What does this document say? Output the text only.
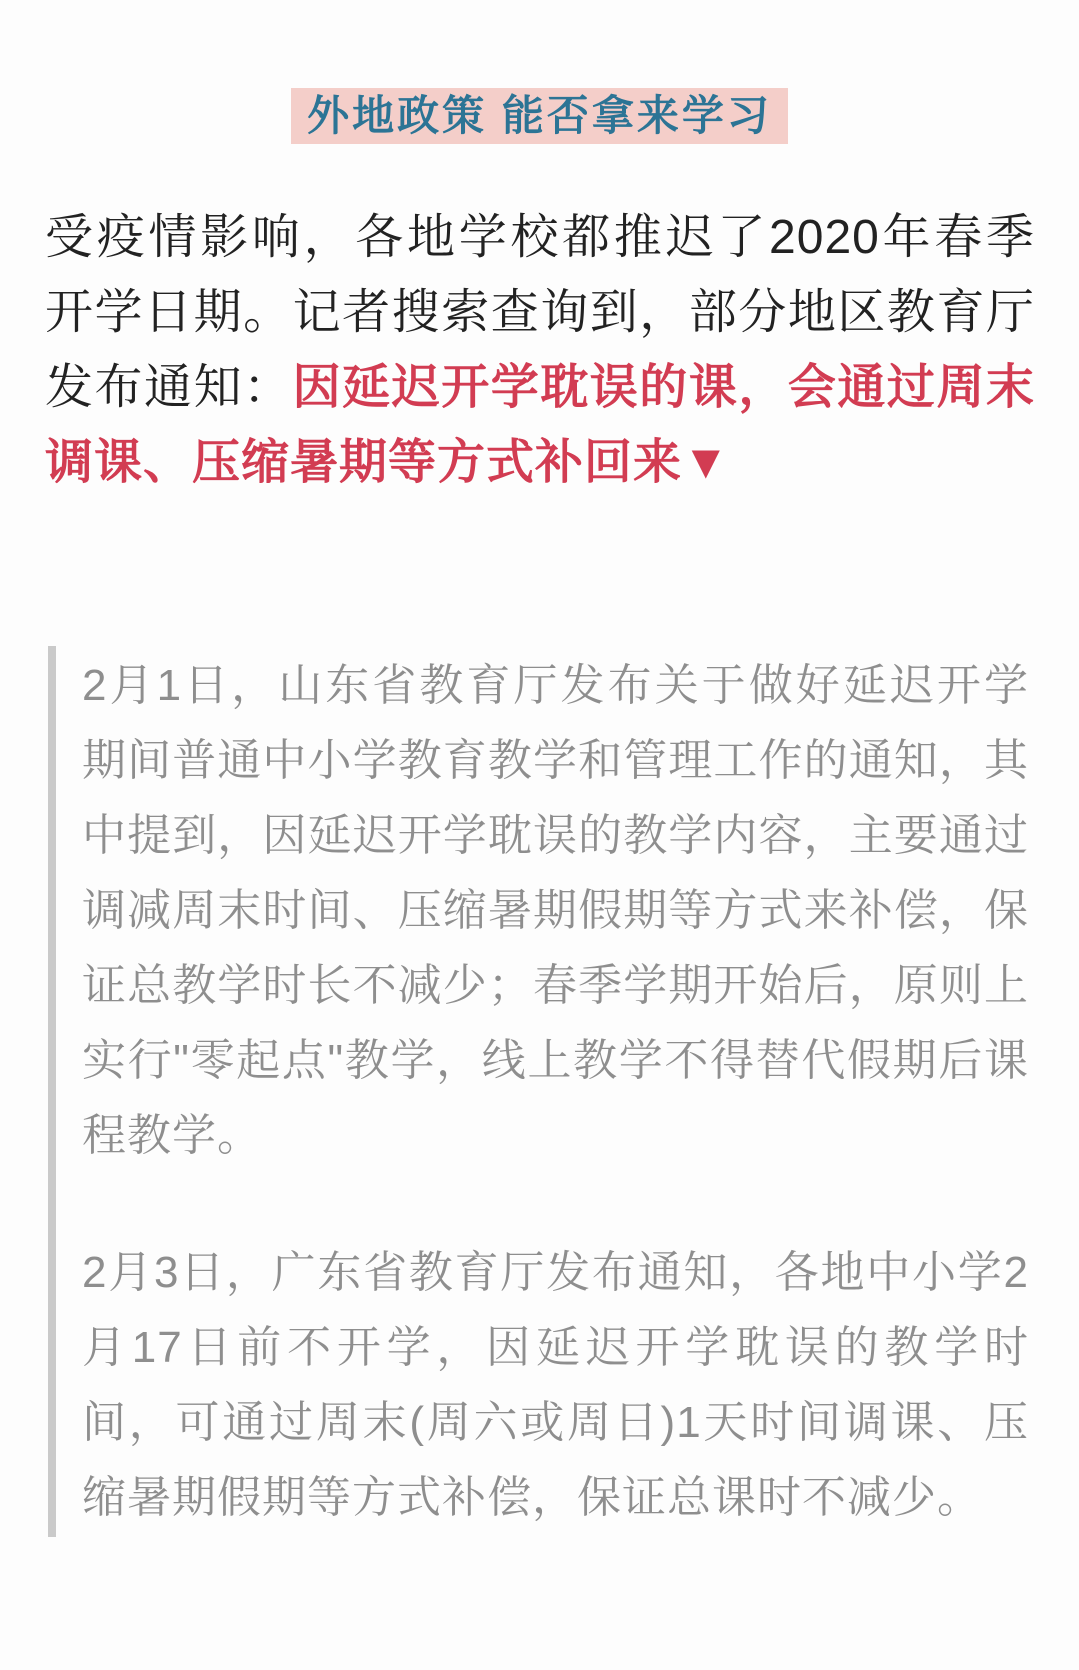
外地政策 能否拿来学习

受疫情影响，各地学校都推迟了2020年春季开学日期。记者搜索查询到，部分地区教育厅发布通知：因延迟开学耽误的课，会通过周末调课、压缩暑期等方式补回来▼

2月1日，山东省教育厅发布关于做好延迟开学期间普通中小学教育教学和管理工作的通知，其中提到，因延迟开学耽误的教学内容，主要通过调减周末时间、压缩暑期假期等方式来补偿，保证总教学时长不减少；春季学期开始后，原则上实行"零起点"教学，线上教学不得替代假期后课程教学。

2月3日，广东省教育厅发布通知，各地中小学2月17日前不开学，因延迟开学耽误的教学时间，可通过周末(周六或周日)1天时间调课、压缩暑期假期等方式补偿，保证总课时不减少。
